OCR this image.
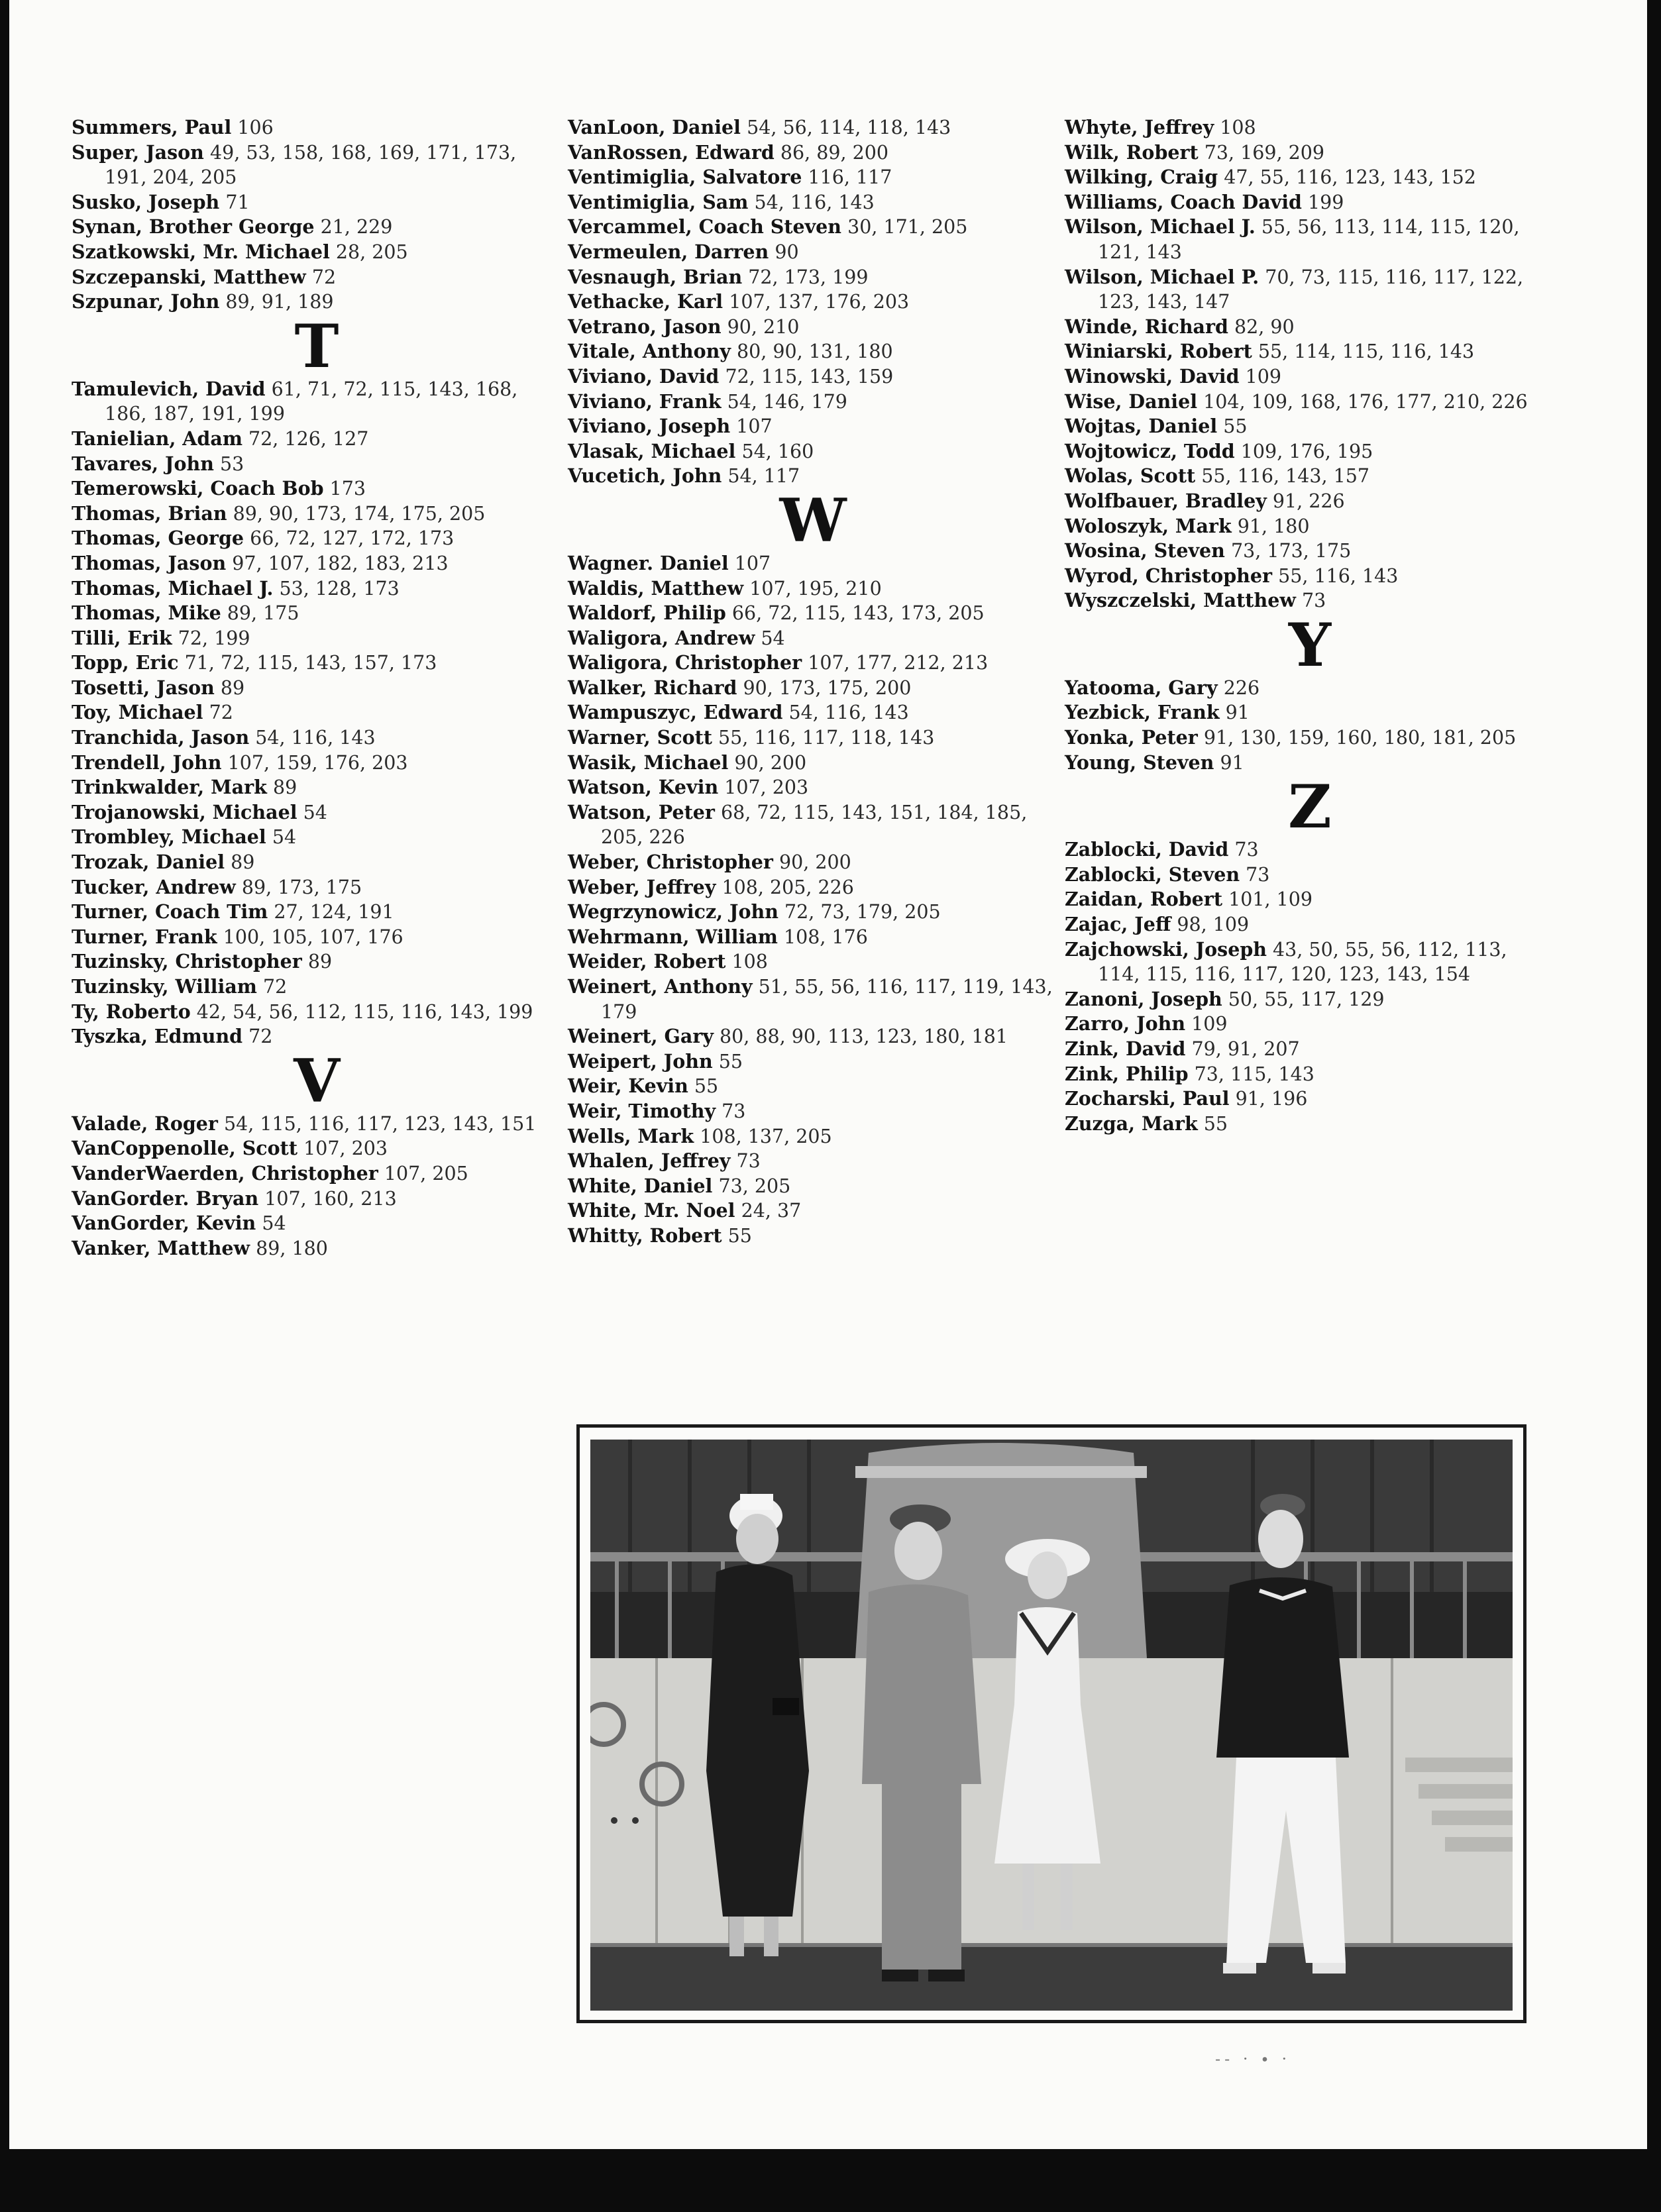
Summers, Paul 106
Super, Jason 49, 53, 158, 168, 169, 171, 173, 191, 204, 205
Susko, Joseph 71
Synan, Brother George 21, 229
Szatkowski, Mr. Michael 28, 205
Szczepanski, Matthew 72
Szpunar, John 89, 91, 189
T
Tamulevich, David 61, 71, 72, 115, 143, 168, 186, 187, 191, 199
Tanielian, Adam 72, 126, 127
Tavares, John 53
Temerowski, Coach Bob 173
Thomas, Brian 89, 90, 173, 174, 175, 205
Thomas, George 66, 72, 127, 172, 173
Thomas, Jason 97, 107, 182, 183, 213
Thomas, Michael J. 53, 128, 173
Thomas, Mike 89, 175
Tilli, Erik 72, 199
Topp, Eric 71, 72, 115, 143, 157, 173
Tosetti, Jason 89
Toy, Michael 72
Tranchida, Jason 54, 116, 143
Trendell, John 107, 159, 176, 203
Trinkwalder, Mark 89
Trojanowski, Michael 54
Trombley, Michael 54
Trozak, Daniel 89
Tucker, Andrew 89, 173, 175
Turner, Coach Tim 27, 124, 191
Turner, Frank 100, 105, 107, 176
Tuzinsky, Christopher 89
Tuzinsky, William 72
Ty, Roberto 42, 54, 56, 112, 115, 116, 143, 199
Tyszka, Edmund 72
V
Valade, Roger 54, 115, 116, 117, 123, 143, 151
VanCoppenolle, Scott 107, 203
VanderWaerden, Christopher 107, 205
VanGorder. Bryan 107, 160, 213
VanGorder, Kevin 54
Vanker, Matthew 89, 180
VanLoon, Daniel 54, 56, 114, 118, 143
VanRossen, Edward 86, 89, 200
Ventimiglia, Salvatore 116, 117
Ventimiglia, Sam 54, 116, 143
Vercammel, Coach Steven 30, 171, 205
Vermeulen, Darren 90
Vesnaugh, Brian 72, 173, 199
Vethacke, Karl 107, 137, 176, 203
Vetrano, Jason 90, 210
Vitale, Anthony 80, 90, 131, 180
Viviano, David 72, 115, 143, 159
Viviano, Frank 54, 146, 179
Viviano, Joseph 107
Vlasak, Michael 54, 160
Vucetich, John 54, 117
W
Wagner. Daniel 107
Waldis, Matthew 107, 195, 210
Waldorf, Philip 66, 72, 115, 143, 173, 205
Waligora, Andrew 54
Waligora, Christopher 107, 177, 212, 213
Walker, Richard 90, 173, 175, 200
Wampuszyc, Edward 54, 116, 143
Warner, Scott 55, 116, 117, 118, 143
Wasik, Michael 90, 200
Watson, Kevin 107, 203
Watson, Peter 68, 72, 115, 143, 151, 184, 185, 205, 226
Weber, Christopher 90, 200
Weber, Jeffrey 108, 205, 226
Wegrzynowicz, John 72, 73, 179, 205
Wehrmann, William 108, 176
Weider, Robert 108
Weinert, Anthony 51, 55, 56, 116, 117, 119, 143, 179
Weinert, Gary 80, 88, 90, 113, 123, 180, 181
Weipert, John 55
Weir, Kevin 55
Weir, Timothy 73
Wells, Mark 108, 137, 205
Whalen, Jeffrey 73
White, Daniel 73, 205
White, Mr. Noel 24, 37
Whitty, Robert 55
Whyte, Jeffrey 108
Wilk, Robert 73, 169, 209
Wilking, Craig 47, 55, 116, 123, 143, 152
Williams, Coach David 199
Wilson, Michael J. 55, 56, 113, 114, 115, 120, 121, 143
Wilson, Michael P. 70, 73, 115, 116, 117, 122, 123, 143, 147
Winde, Richard 82, 90
Winiarski, Robert 55, 114, 115, 116, 143
Winowski, David 109
Wise, Daniel 104, 109, 168, 176, 177, 210, 226
Wojtas, Daniel 55
Wojtowicz, Todd 109, 176, 195
Wolas, Scott 55, 116, 143, 157
Wolfbauer, Bradley 91, 226
Woloszyk, Mark 91, 180
Wosina, Steven 73, 173, 175
Wyrod, Christopher 55, 116, 143
Wyszczelski, Matthew 73
Y
Yatooma, Gary 226
Yezbick, Frank 91
Yonka, Peter 91, 130, 159, 160, 180, 181, 205
Young, Steven 91
Z
Zablocki, David 73
Zablocki, Steven 73
Zaidan, Robert 101, 109
Zajac, Jeff 98, 109
Zajchowski, Joseph 43, 50, 55, 56, 112, 113, 114, 115, 116, 117, 120, 123, 143, 154
Zanoni, Joseph 50, 55, 117, 129
Zarro, John 109
Zink, David 79, 91, 207
Zink, Philip 73, 115, 143
Zocharski, Paul 91, 196
Zuzga, Mark 55
‐‐ · ∙ ·
